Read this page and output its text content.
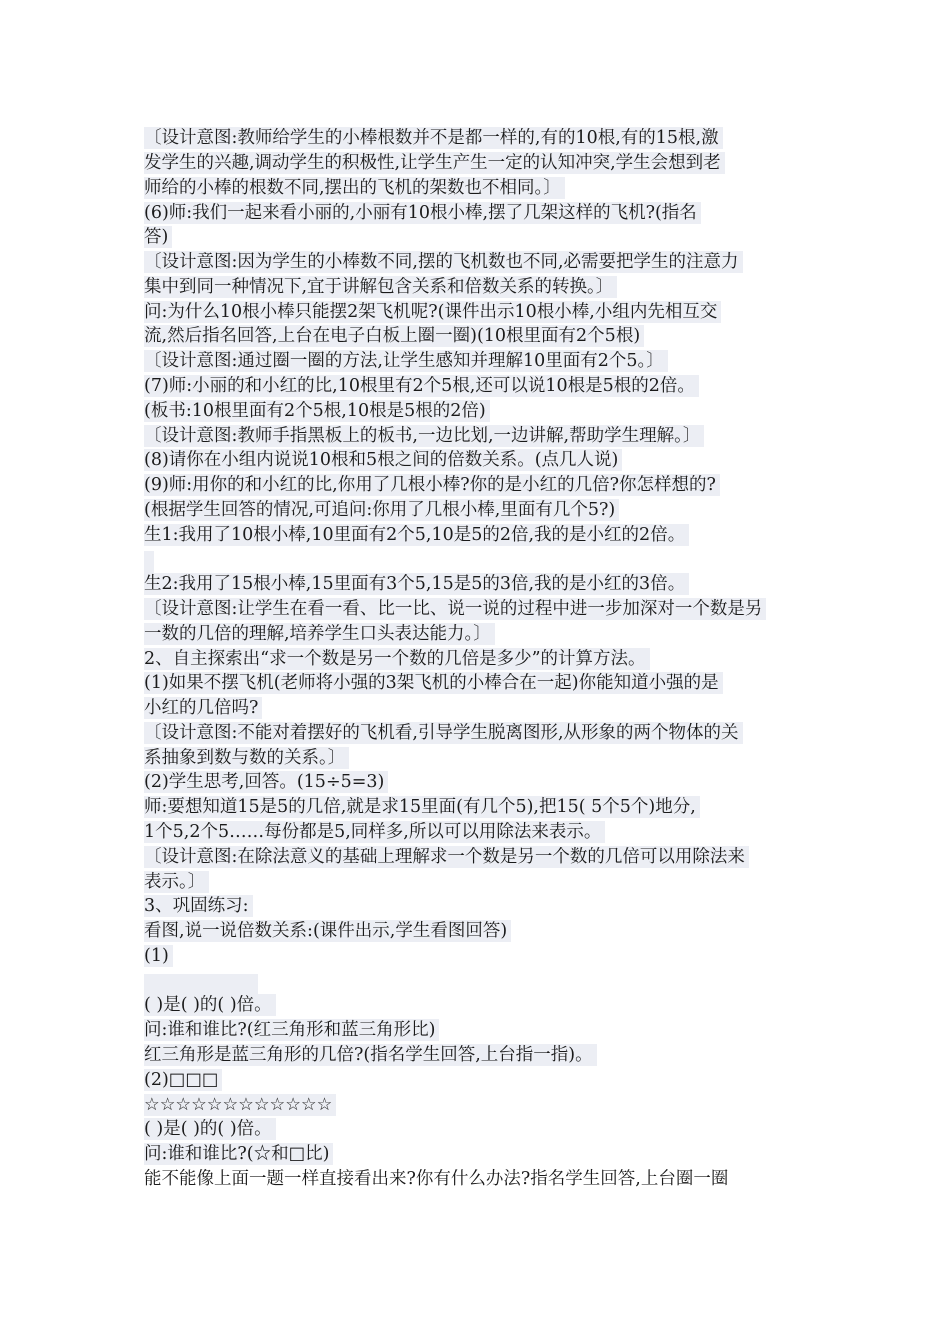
〔设计意图:教师给学生的小棒根数并不是都一样的,有的10根,有的15根,激
发学生的兴趣,调动学生的积极性,让学生产生一定的认知冲突,学生会想到老
师给的小棒的根数不同,摆出的飞机的架数也不相同。〕
(6)师:我们一起来看小丽的,小丽有10根小棒,摆了几架这样的飞机?(指名
答)
〔设计意图:因为学生的小棒数不同,摆的飞机数也不同,必需要把学生的注意力
集中到同一种情况下,宜于讲解包含关系和倍数关系的转换。〕
问:为什么10根小棒只能摆2架飞机呢?(课件出示10根小棒,小组内先相互交
流,然后指名回答,上台在电子白板上圈一圈)(10根里面有2个5根)
〔设计意图:通过圈一圈的方法,让学生感知并理解10里面有2个5。〕
(7)师:小丽的和小红的比,10根里有2个5根,还可以说10根是5根的2倍。
(板书:10根里面有2个5根,10根是5根的2倍)
〔设计意图:教师手指黑板上的板书,一边比划,一边讲解,帮助学生理解。〕
(8)请你在小组内说说10根和5根之间的倍数关系。(点几人说)
(9)师:用你的和小红的比,你用了几根小棒?你的是小红的几倍?你怎样想的?
(根据学生回答的情况,可追问:你用了几根小棒,里面有几个5?)
生1:我用了10根小棒,10里面有2个5,10是5的2倍,我的是小红的2倍。
生2:我用了15根小棒,15里面有3个5,15是5的3倍,我的是小红的3倍。
〔设计意图:让学生在看一看、比一比、说一说的过程中进一步加深对一个数是另
一数的几倍的理解,培养学生口头表达能力。〕
2、自主探索出“求一个数是另一个数的几倍是多少”的计算方法。
(1)如果不摆飞机(老师将小强的3架飞机的小棒合在一起)你能知道小强的是
小红的几倍吗?
〔设计意图:不能对着摆好的飞机看,引导学生脱离图形,从形象的两个物体的关
系抽象到数与数的关系。〕
(2)学生思考,回答。(15÷5=3)
师:要想知道15是5的几倍,就是求15里面(有几个5),把15( 5个5个)地分,
1个5,2个5……每份都是5,同样多,所以可以用除法来表示。
〔设计意图:在除法意义的基础上理解求一个数是另一个数的几倍可以用除法来
表示。〕
3、巩固练习:
看图,说一说倍数关系:(课件出示,学生看图回答)
(1)
( )是( )的( )倍。
问:谁和谁比?(红三角形和蓝三角形比)
红三角形是蓝三角形的几倍?(指名学生回答,上台指一指)。
(2)□□□
☆☆☆☆☆☆☆☆☆☆☆☆
( )是( )的( )倍。
问:谁和谁比?(☆和□比)
能不能像上面一题一样直接看出来?你有什么办法?指名学生回答,上台圈一圈
